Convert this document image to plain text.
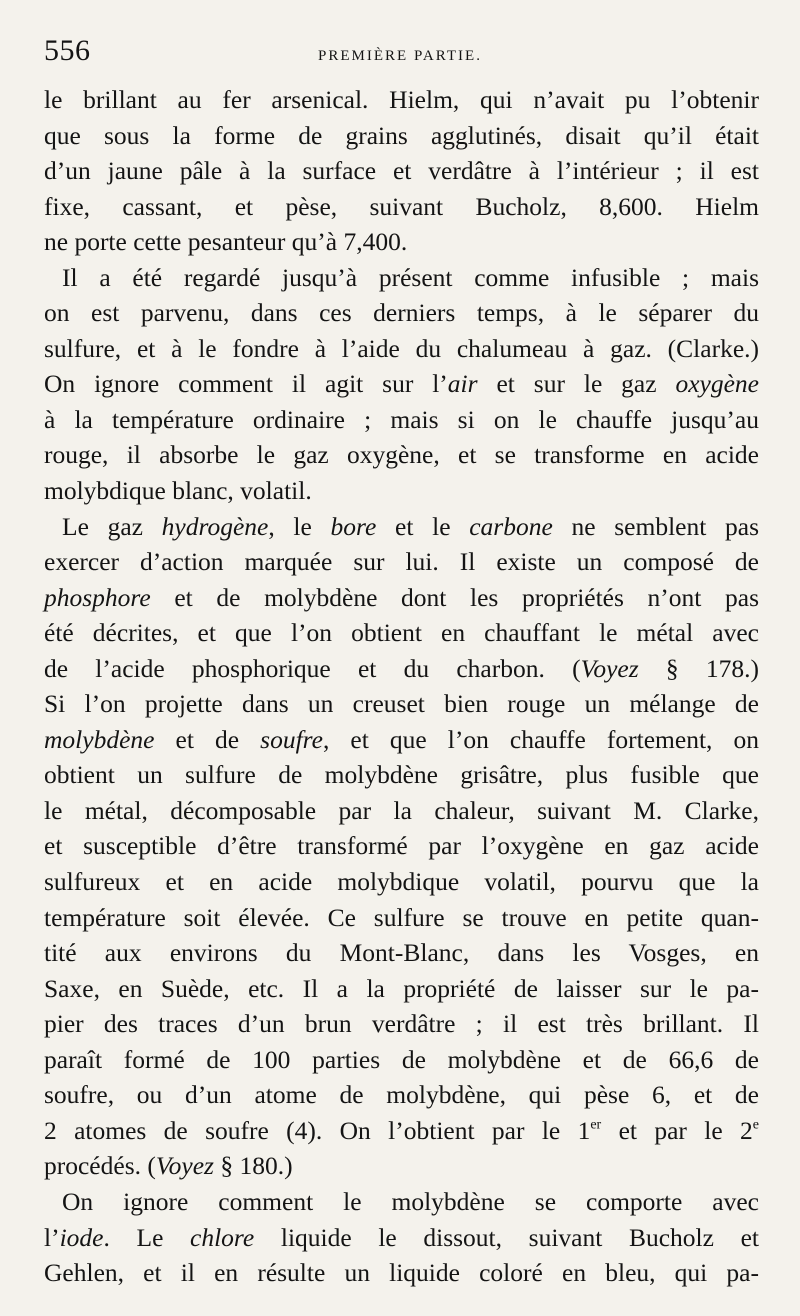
556	PREMIÈRE PARTIE.
le brillant au fer arsenical. Hielm, qui n’avait pu l’obtenir
que sous la forme de grains agglutinés, disait qu’il était
d’un jaune pâle à la surface et verdâtre à l’intérieur ; il est
fixe, cassant, et pèse, suivant Bucholz, 8,600. Hielm
ne porte cette pesanteur qu’à 7,400.
Il a été regardé jusqu’à présent comme infusible ; mais
on est parvenu, dans ces derniers temps, à le séparer du
sulfure, et à le fondre à l’aide du chalumeau à gaz. (Clarke.)
On ignore comment il agit sur l’air et sur le gaz oxygène
à la température ordinaire ; mais si on le chauffe jusqu’au
rouge, il absorbe le gaz oxygène, et se transforme en acide
molybdique blanc, volatil.
Le gaz hydrogène, le bore et le carbone ne semblent pas
exercer d’action marquée sur lui. Il existe un composé de
phosphore et de molybdène dont les propriétés n’ont pas
été décrites, et que l’on obtient en chauffant le métal avec
de l’acide phosphorique et du charbon. (Voyez § 178.)
Si l’on projette dans un creuset bien rouge un mélange de
molybdène et de soufre, et que l’on chauffe fortement, on
obtient un sulfure de molybdène grisâtre, plus fusible que
le métal, décomposable par la chaleur, suivant M. Clarke,
et susceptible d’être transformé par l’oxygène en gaz acide
sulfureux et en acide molybdique volatil, pourvu que la
température soit élevée. Ce sulfure se trouve en petite quan-
tité aux environs du Mont-Blanc, dans les Vosges, en
Saxe, en Suède, etc. Il a la propriété de laisser sur le pa-
pier des traces d’un brun verdâtre ; il est très brillant. Il
paraît formé de 100 parties de molybdène et de 66,6 de
soufre, ou d’un atome de molybdène, qui pèse 6, et de
2 atomes de soufre (4). On l’obtient par le 1er et par le 2e
procédés. (Voyez § 180.)
On ignore comment le molybdène se comporte avec
l’iode. Le chlore liquide le dissout, suivant Bucholz et
Gehlen, et il en résulte un liquide coloré en bleu, qui pa-
